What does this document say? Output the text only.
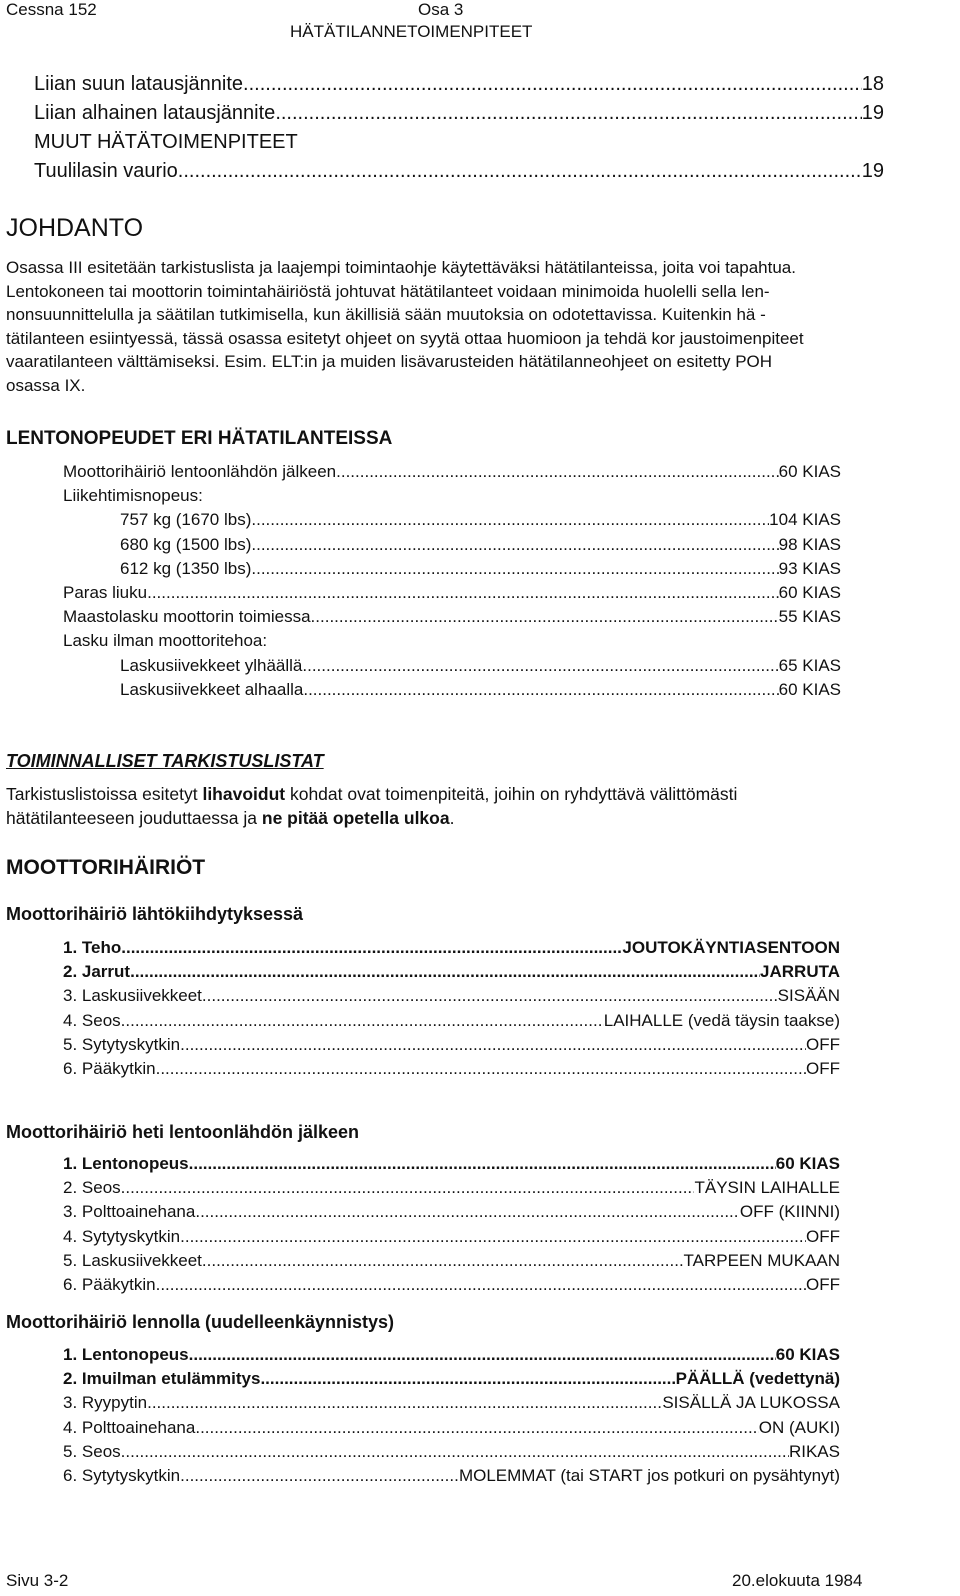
Cessna 152	Osa 3
HÄTÄTILANNETOIMENPITEET
Liian suun latausjännite .....	18
Liian alhainen latausjännite .....	19
MUUT HÄTÄTOIMENPITEET
Tuulilasin vaurio .....	19
JOHDANTO
Osassa III esitetään tarkistuslista ja laajempi toimintaohje käytettäväksi hätätilanteissa, joita voi tapahtua.
Lentokoneen tai moottorin toimintahäiriöstä johtuvat hätätilanteet voidaan minimoida huolelli sella len-
nonsuunnittelulla ja säätilan tutkimisella, kun äkillisiä sään muutoksia on odotettavissa. Kuitenkin hä -
tätilanteen esiintyessä, tässä osassa esitetyt ohjeet on syytä ottaa huomioon ja tehdä kor jaustoimenpiteet
vaaratilanteen välttämiseksi. Esim. ELT:in ja muiden lisävarusteiden hätätilanneohjeet on esitetty POH
osassa IX.
LENTONOPEUDET ERI HÄTATILANTEISSA
Moottorihäiriö lentoonlähdön jälkeen .....	60 KIAS
Liikehtimisnopeus:
757 kg (1670 lbs) .....	104 KIAS
680 kg (1500 lbs) .....	98 KIAS
612 kg (1350 lbs) .....	93 KIAS
Paras liuku .....	60 KIAS
Maastolasku moottorin toimiessa .....	55 KIAS
Lasku ilman moottoritehoa:
Laskusiivekkeet ylhäällä .....	65 KIAS
Laskusiivekkeet alhaalla .....	60 KIAS
TOIMINNALLISET TARKISTUSLISTAT
Tarkistuslistoissa esitetyt lihavoidut kohdat ovat toimenpiteitä, joihin on ryhdyttävä välittömästi
hätätilanteeseen jouduttaessa ja ne pitää opetella ulkoa.
MOOTTORIHÄIRIÖT
Moottorihäiriö lähtökiihdytyksessä
1. Teho .....	JOUTOKÄYNTIASENTOON
2. Jarrut .....	JARRUTA
3. Laskusiivekkeet .....	SISÄÄN
4. Seos .....	LAIHALLE (vedä täysin taakse)
5. Sytytyskytkin .....	OFF
6. Pääkytkin .....	OFF
Moottorihäiriö heti lentoonlähdön jälkeen
1. Lentonopeus .....	60 KIAS
2. Seos .....	TÄYSIN LAIHALLE
3. Polttoainehana .....	OFF (KIINNI)
4. Sytytyskytkin .....	OFF
5. Laskusiivekkeet .....	TARPEEN MUKAAN
6. Pääkytkin .....	OFF
Moottorihäiriö lennolla (uudelleenkäynnistys)
1. Lentonopeus .....	60 KIAS
2. Imuilman etulämmitys .....	PÄÄLLÄ (vedettynä)
3. Ryypytin .....	SISÄLLÄ JA LUKOSSA
4. Polttoainehana .....	ON (AUKI)
5. Seos .....	RIKAS
6. Sytytyskytkin .....	MOLEMMAT (tai START jos potkuri on pysähtynyt)
Sivu 3-2	20.elokuuta 1984
